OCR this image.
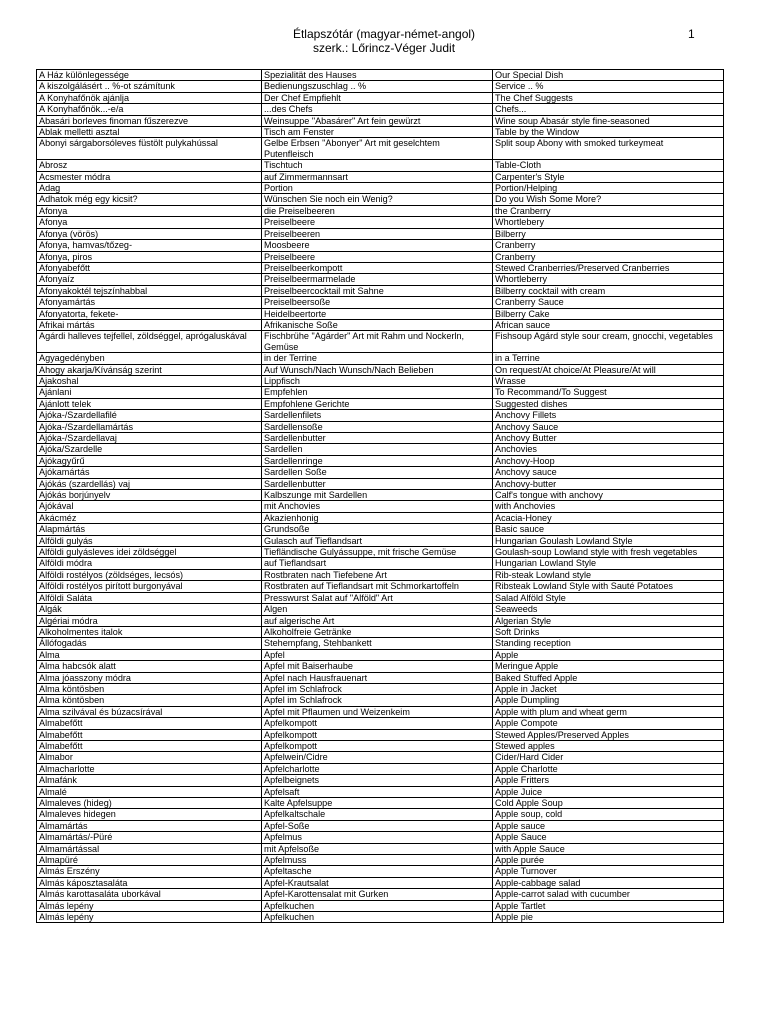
Étlapszótár (magyar-német-angol)
szerk.: Lőrincz-Véger Judit
1
A Ház különlegessége	Spezialität des Hauses	Our Special Dish
A kiszolgálásért .. %-ot számítunk	Bedienungszuschlag .. %	Service .. %
A Konyhafőnök ajánlja	Der Chef Empfiehlt	The Chef Suggests
A Konyhafőnök...-e/a	...des Chefs	Chefs...
Abasári borleves finoman fűszerezve	Weinsuppe "Abasárer" Art fein gewürzt	Wine soup Abasár style fine-seasoned
Ablak melletti asztal	Tisch am Fenster	Table by the Window
Abonyi sárgaborsóleves füstölt pulykahússal	Gelbe Erbsen "Abonyer" Art mit geselchtem Putenfleisch	Split soup Abony with smoked turkeymeat
Abrosz	Tischtuch	Table-Cloth
Acsmester módra	auf Zimmermannsart	Carpenter's Style
Adag	Portion	Portion/Helping
Adhatok még egy kicsit?	Wünschen Sie noch ein Wenig?	Do you Wish Some More?
Afonya	die Preiselbeeren	the Cranberry
Afonya	Preiselbeere	Whortlebery
Afonya (vörös)	Preiselbeeren	Bilberry
Afonya, hamvas/tőzeg-	Moosbeere	Cranberry
Afonya, piros	Preiselbeere	Cranberry
Afonyabefőtt	Preiselbeerkompott	Stewed Cranberries/Preserved Cranberries
Afonyaíz	Preiselbeermarmelade	Whortleberry
Afonyakoktél tejszínhabbal	Preiselbeercocktail mit Sahne	Bilberry cocktail with cream
Afonyamártás	Preiselbeersoße	Cranberry Sauce
Afonyatorta, fekete-	Heidelbeertorte	Bilberry Cake
Afrikai mártás	Afrikanische Soße	African sauce
Agárdi halleves tejfellel, zöldséggel, aprógaluskával	Fischbrühe "Agárder" Art mit Rahm und Nockerln, Gemüse	Fishsoup Agárd style sour cream, gnocchi, vegetables
Agyagedényben	in der Terrine	in a Terrine
Ahogy akarja/Kívánság szerint	Auf Wunsch/Nach Wunsch/Nach Belieben	On request/At choice/At Pleasure/At will
Ajakoshal	Lippfisch	Wrasse
Ajánlani	Empfehlen	To Recommand/To Suggest
Ajánlott telek	Empfohlene Gerichte	Suggested dishes
Ajóka-/Szardellafilé	Sardellenfilets	Anchovy Fillets
Ajóka-/Szardellamártás	Sardellensoße	Anchovy Sauce
Ajóka-/Szardellavaj	Sardellenbutter	Anchovy Butter
Ajóka/Szardelle	Sardellen	Anchovies
Ajókagyűrű	Sardellenringe	Anchovy-Hoop
Ajókamártás	Sardellen Soße	Anchovy sauce
Ajókás (szardellás) vaj	Sardellenbutter	Anchovy-butter
Ajókás borjúnyelv	Kalbszunge mit Sardellen	Calf's tongue with anchovy
Ajókával	mit Anchovies	with Anchovies
Akácméz	Akazienhonig	Acacia-Honey
Alapmártás	Grundsoße	Basic sauce
Alföldi gulyás	Gulasch auf Tieflandsart	Hungarian Goulash Lowland Style
Alföldi gulyásleves idei zöldséggel	Tiefländische Gulyássuppe, mit frische Gemüse	Goulash-soup Lowland style with fresh vegetables
Alföldi módra	auf Tieflandsart	Hungarian Lowland Style
Alföldi rostélyos (zöldséges, lecsós)	Rostbraten nach Tiefebene Art	Rib-steak Lowland style
Alföldi rostélyos pirított burgonyával	Rostbraten auf Tieflandsart mit Schmorkartoffeln	Ribsteak Lowland Style with Sauté Potatoes
Alföldi Saláta	Presswurst Salat auf "Alföld" Art	Salad Alföld Style
Algák	Algen	Seaweeds
Algériai módra	auf algerische Art	Algerian Style
Alkoholmentes italok	Alkoholfreie Getränke	Soft Drinks
Állófogadás	Stehempfang, Stehbankett	Standing reception
Alma	Apfel	Apple
Alma habcsók alatt	Apfel mit Baiserhaube	Meringue Apple
Alma jóasszony módra	Apfel nach Hausfrauenart	Baked Stuffed Apple
Alma köntösben	Apfel im Schlafrock	Apple in Jacket
Alma köntösben	Apfel im Schlafrock	Apple Dumpling
Alma szilvával és búzacsírával	Apfel mit Pflaumen und Weizenkeim	Apple with plum and wheat germ
Almabefőtt	Apfelkompott	Apple Compote
Almabefőtt	Apfelkompott	Stewed Apples/Preserved Apples
Almabefőtt	Apfelkompott	Stewed apples
Almabor	Apfelwein/Cidre	Cider/Hard Cider
Almacharlotte	Apfelcharlotte	Apple Charlotte
Almafánk	Apfelbeignets	Apple Fritters
Almalé	Apfelsaft	Apple Juice
Almaleves (hideg)	Kalte Apfelsuppe	Cold Apple Soup
Almaleves hidegen	Apfelkaltschale	Apple soup, cold
Almamártás	Apfel-Soße	Apple sauce
Almamártás/-Püré	Apfelmus	Apple Sauce
Almamártással	mit Apfelsoße	with Apple Sauce
Almapüré	Apfelmuss	Apple purée
Almás Erszény	Apfeltasche	Apple Turnover
Almás káposztasaláta	Apfel-Krautsalat	Apple-cabbage salad
Almás karottasaláta uborkával	Apfel-Karottensalat mit Gurken	Apple-carrot salad with cucumber
Almás lepény	Apfelkuchen	Apple Tartlet
Almás lepény	Apfelkuchen	Apple pie
